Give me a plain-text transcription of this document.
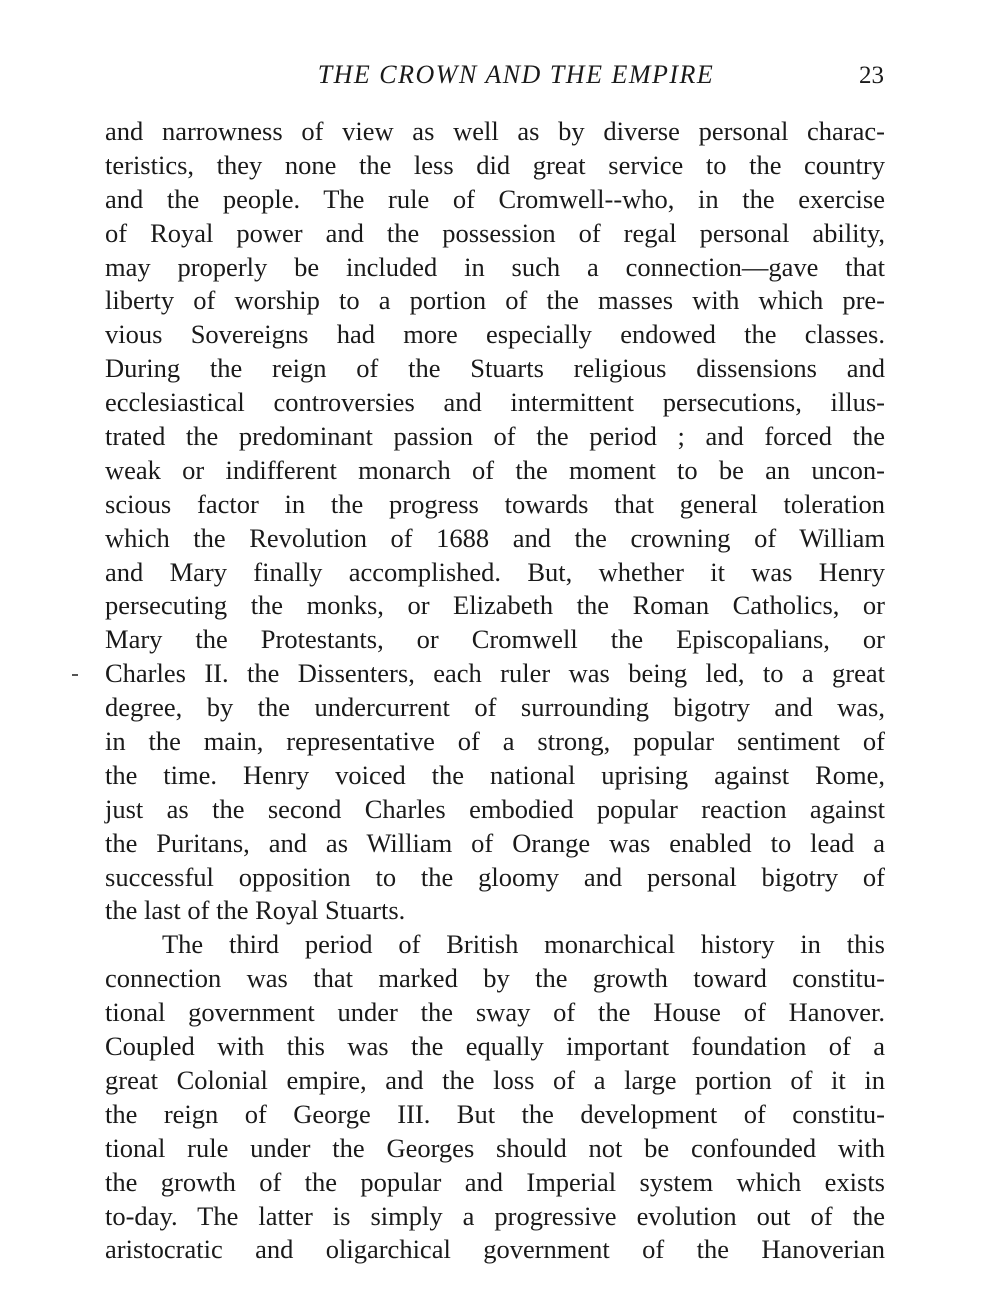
THE CROWN AND THE EMPIRE	23
and narrowness of view as well as by diverse personal charac-
teristics, they none the less did great service to the country
and the people. The rule of Cromwell--who, in the exercise
of Royal power and the possession of regal personal ability,
may properly be included in such a connection—gave that
liberty of worship to a portion of the masses with which pre-
vious Sovereigns had more especially endowed the classes.
During the reign of the Stuarts religious dissensions and
ecclesiastical controversies and intermittent persecutions, illus-
trated the predominant passion of the period ; and forced the
weak or indifferent monarch of the moment to be an uncon-
scious factor in the progress towards that general toleration
which the Revolution of 1688 and the crowning of William
and Mary finally accomplished. But, whether it was Henry
persecuting the monks, or Elizabeth the Roman Catholics, or
Mary the Protestants, or Cromwell the Episcopalians, or
Charles II. the Dissenters, each ruler was being led, to a great
degree, by the undercurrent of surrounding bigotry and was,
in the main, representative of a strong, popular sentiment of
the time. Henry voiced the national uprising against Rome,
just as the second Charles embodied popular reaction against
the Puritans, and as William of Orange was enabled to lead a
successful opposition to the gloomy and personal bigotry of
the last of the Royal Stuarts.
The third period of British monarchical history in this
connection was that marked by the growth toward constitu-
tional government under the sway of the House of Hanover.
Coupled with this was the equally important foundation of a
great Colonial empire, and the loss of a large portion of it in
the reign of George III. But the development of constitu-
tional rule under the Georges should not be confounded with
the growth of the popular and Imperial system which exists
to-day. The latter is simply a progressive evolution out of the
aristocratic and oligarchical government of the Hanoverian
